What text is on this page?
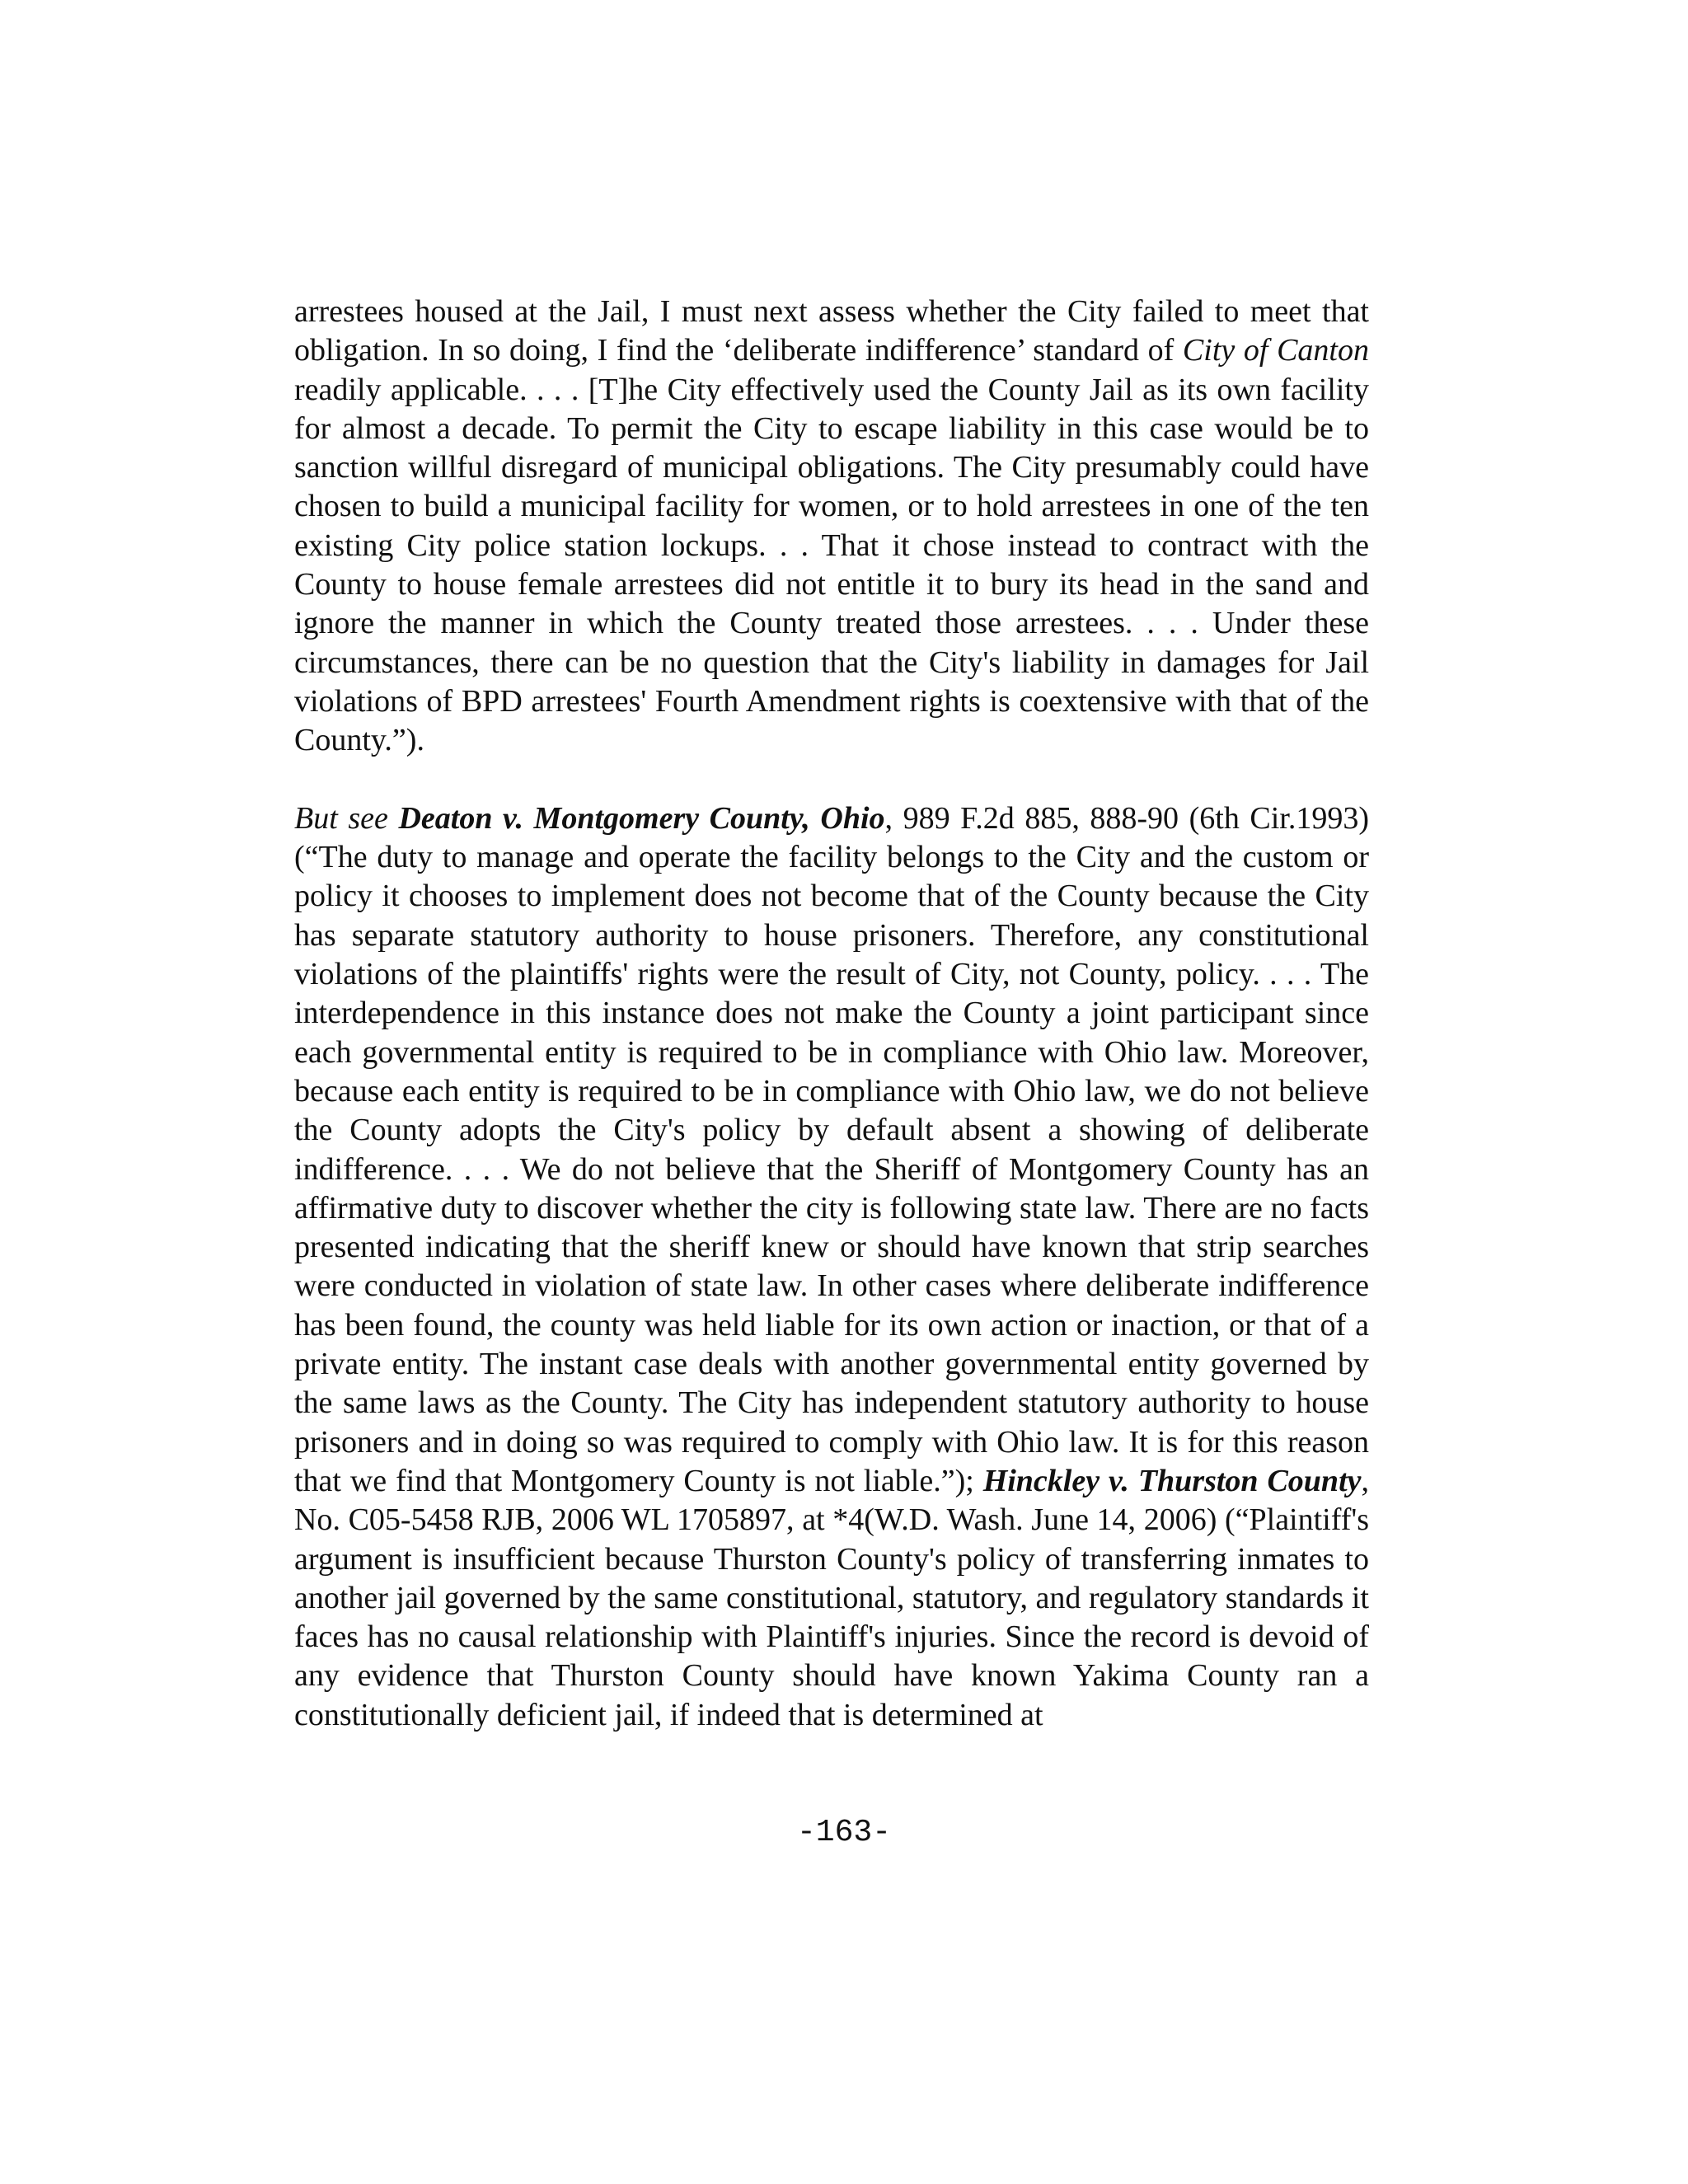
arrestees housed at the Jail, I must next assess whether the City failed to meet that obligation. In so doing, I find the ‘deliberate indifference’ standard of City of Canton readily applicable. . . . [T]he City effectively used the County Jail as its own facility for almost a decade. To permit the City to escape liability in this case would be to sanction willful disregard of municipal obligations. The City presumably could have chosen to build a municipal facility for women, or to hold arrestees in one of the ten existing City police station lockups. . . That it chose instead to contract with the County to house female arrestees did not entitle it to bury its head in the sand and ignore the manner in which the County treated those arrestees. . . . Under these circumstances, there can be no question that the City's liability in damages for Jail violations of BPD arrestees' Fourth Amendment rights is coextensive with that of the County.”).

But see Deaton v. Montgomery County, Ohio, 989 F.2d 885, 888-90 (6th Cir.1993) (“The duty to manage and operate the facility belongs to the City and the custom or policy it chooses to implement does not become that of the County because the City has separate statutory authority to house prisoners. Therefore, any constitutional violations of the plaintiffs' rights were the result of City, not County, policy. . . . The interdependence in this instance does not make the County a joint participant since each governmental entity is required to be in compliance with Ohio law. Moreover, because each entity is required to be in compliance with Ohio law, we do not believe the County adopts the City's policy by default absent a showing of deliberate indifference. . . . We do not believe that the Sheriff of Montgomery County has an affirmative duty to discover whether the city is following state law. There are no facts presented indicating that the sheriff knew or should have known that strip searches were conducted in violation of state law. In other cases where deliberate indifference has been found, the county was held liable for its own action or inaction, or that of a private entity. The instant case deals with another governmental entity governed by the same laws as the County. The City has independent statutory authority to house prisoners and in doing so was required to comply with Ohio law. It is for this reason that we find that Montgomery County is not liable.”); Hinckley v. Thurston County, No. C05-5458 RJB, 2006 WL 1705897, at *4(W.D. Wash. June 14, 2006) (“Plaintiff's argument is insufficient because Thurston County's policy of transferring inmates to another jail governed by the same constitutional, statutory, and regulatory standards it faces has no causal relationship with Plaintiff's injuries. Since the record is devoid of any evidence that Thurston County should have known Yakima County ran a constitutionally deficient jail, if indeed that is determined at

-163-
